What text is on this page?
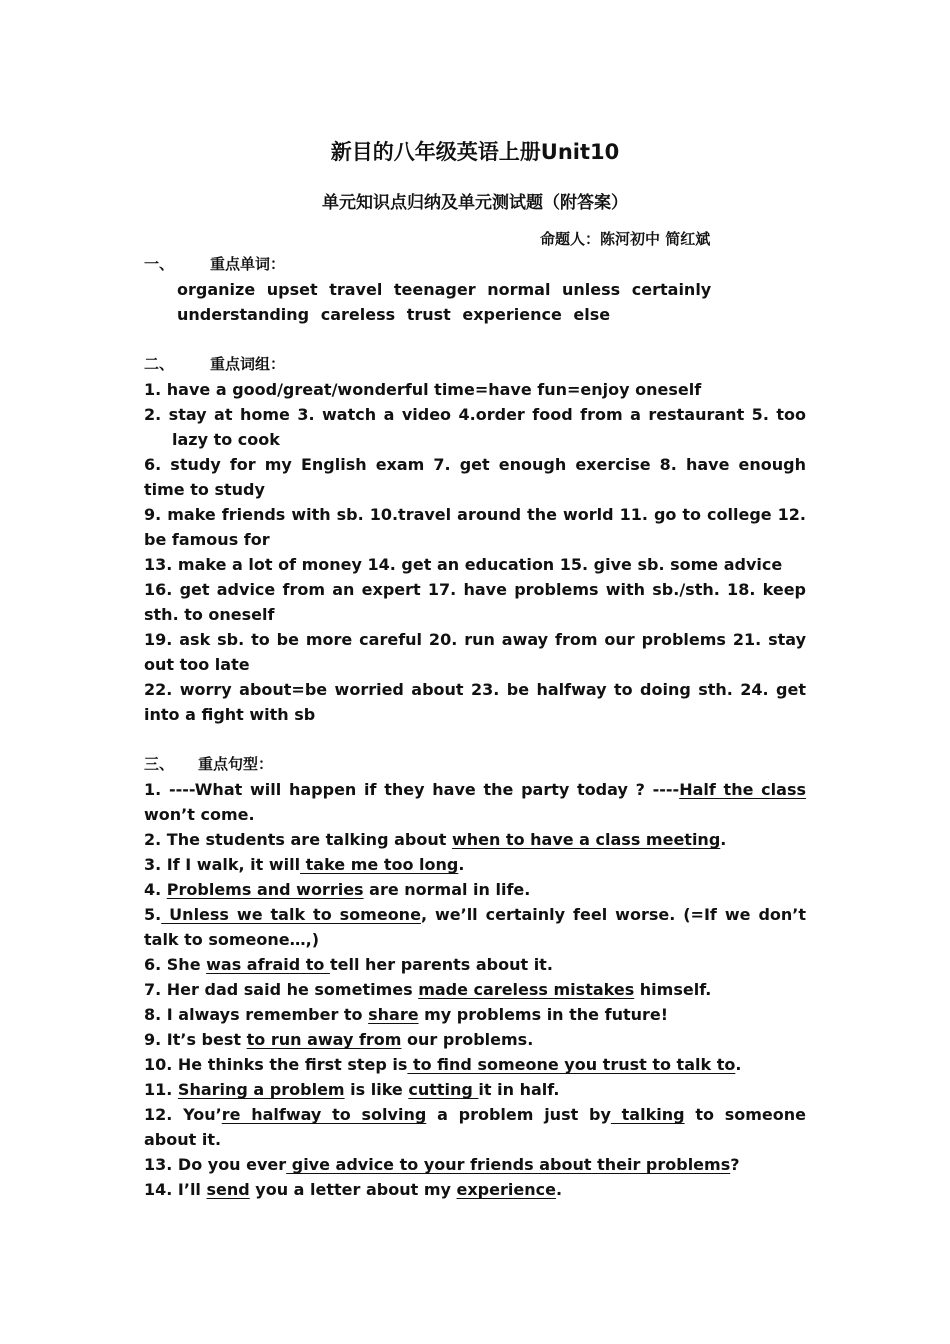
新目的八年级英语上册Unit10
单元知识点归纳及单元测试题（附答案）
命题人：陈河初中 简红斌

一、 重点单词：

organize upset travel teenager normal unless certainly
understanding careless trust experience else

二、 重点词组：

1. have a good/great/wonderful time=have fun=enjoy oneself

2. stay at home 3. watch a video 4.order food from a restaurant 5. too lazy to cook

6. study for my English exam 7. get enough exercise 8. have enough time to study

9. make friends with sb. 10.travel around the world 11. go to college 12. be famous for

13. make a lot of money 14. get an education 15. give sb. some advice

16. get advice from an expert 17. have problems with sb./sth. 18. keep sth. to oneself

19. ask sb. to be more careful 20. run away from our problems 21. stay out too late

22. worry about=be worried about 23. be halfway to doing sth. 24. get into a fight with sb

三、 重点句型：

1. ----What will happen if they have the party today ? ----Half the class won’t come.

2. The students are talking about when to have a class meeting.

3. If I walk, it will take me too long.

4. Problems and worries are normal in life.

5. Unless we talk to someone, we’ll certainly feel worse. (=If we don’t talk to someone…,)

6. She was afraid to tell her parents about it.

7. Her dad said he sometimes made careless mistakes himself.

8. I always remember to share my problems in the future!

9. It’s best to run away from our problems.

10. He thinks the first step is to find someone you trust to talk to.

11. Sharing a problem is like cutting it in half.

12. You’re halfway to solving a problem just by talking to someone about it.

13. Do you ever give advice to your friends about their problems?

14. I’ll send you a letter about my experience.
